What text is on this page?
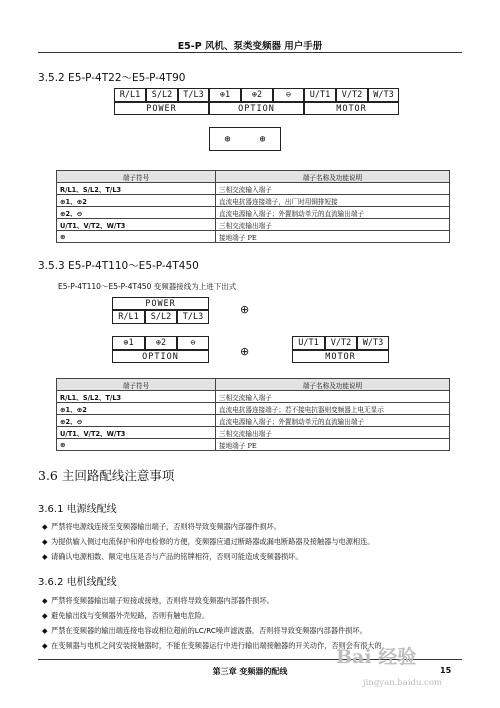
E5-P 风机、泵类变频器 用户手册
3.5.2 E5-P-4T22～E5-P-4T90
R/L1	S/L2	T/L3	⊕1	⊕2	⊖	U/T1	V/T2	W/T3
POWER	OPTION	MOTOR
⊕	⊕
端子符号	端子名称及功能说明
R/L1、S/L2、T/L3	三相交流输入端子
⊕1、⊕2	直流电抗器连接端子，出厂时用铜排短接
⊕2、⊖	直流电源输入端子；外置制动单元的直流输出端子
U/T1、V/T2、W/T3	三相交流输出端子
⊕	接地端子 PE
3.5.3 E5-P-4T110～E5-P-4T450
E5-P-4T110～E5-P-4T450 变频器接线为上进下出式
POWER
R/L1	S/L2	T/L3
⊕
⊕1	⊕2	⊖
OPTION	⊕
U/T1	V/T2	W/T3
MOTOR
端子符号	端子名称及功能说明
R/L1、S/L2、T/L3	三相交流输入端子
⊕1、⊕2	直流电抗器连接端子；若不接电抗器则变频器上电无显示
⊕2、⊖	直流电源输入端子；外置制动单元的直流输出端子
U/T1、V/T2、W/T3	三相交流输出端子
⊕	接地端子 PE
3.6 主回路配线注意事项
3.6.1 电源线配线
◆ 严禁将电源线连接至变频器输出端子，否则将导致变频器内部器件损坏。
◆ 为提供输入侧过电流保护和停电检修的方便，变频器应通过断路器或漏电断路器及接触器与电源相连。
◆ 请确认电源相数、额定电压是否与产品的铭牌相符，否则可能造成变频器损坏。
3.6.2 电机线配线
◆ 严禁将变频器输出端子短接或接地，否则将导致变频器内部器件损坏。
◆ 避免输出线与变频器外壳短路，否则有触电危险。
◆ 严禁在变频器的输出端连接电容或相位超前的LC/RC噪声滤波器，否则将导致变频器内部器件损坏。
◆ 在变频器与电机之间安装接触器时，不能在变频器运行中进行输出端接触器的开关动作，否则会有很大的
第三章 变频器的配线	15
Bai 经验
jingyan.baidu.com
